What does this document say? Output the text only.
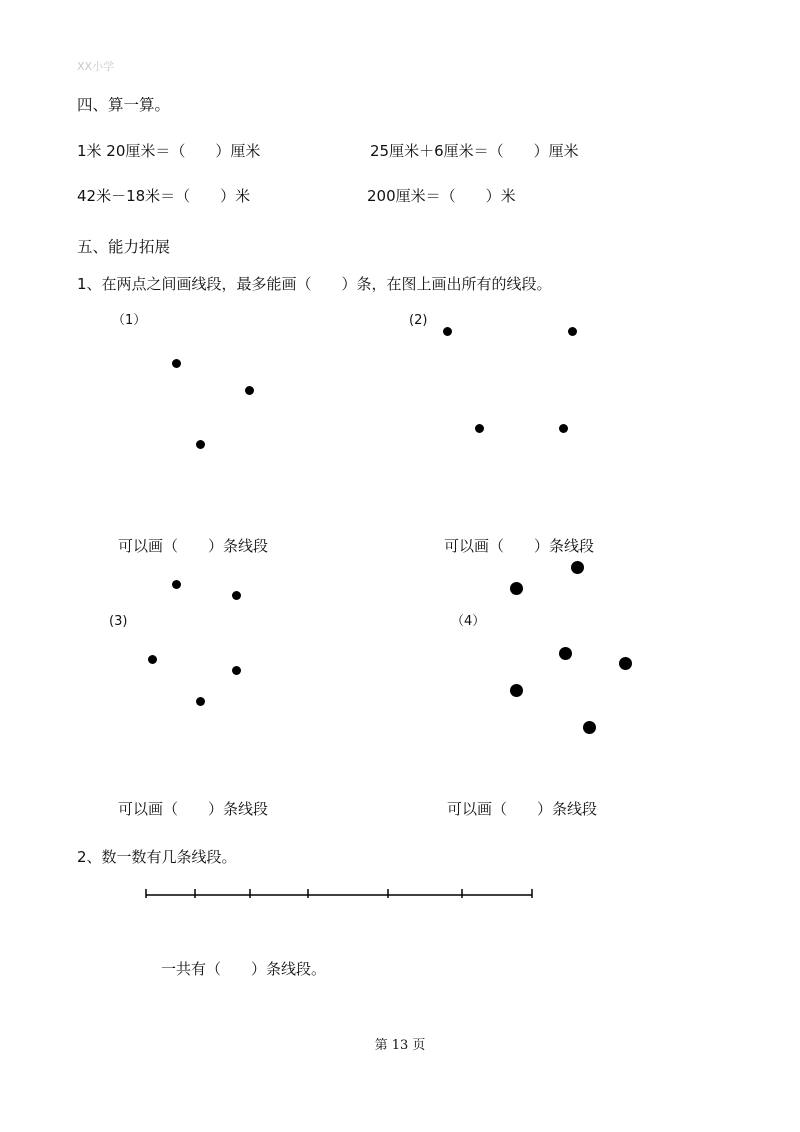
XX小学
四、算一算。
1米 20厘米＝（　　）厘米	25厘米＋6厘米＝（　　）厘米
42米－18米＝（　　）米	200厘米＝（　　）米
五、能力拓展
1、在两点之间画线段，最多能画（　　）条，在图上画出所有的线段。
（1）
可以画（　　）条线段
(2)
可以画（　　）条线段
(3)
可以画（　　）条线段
（4）
可以画（　　）条线段
2、数一数有几条线段。
一共有（　　）条线段。
第 13 页
